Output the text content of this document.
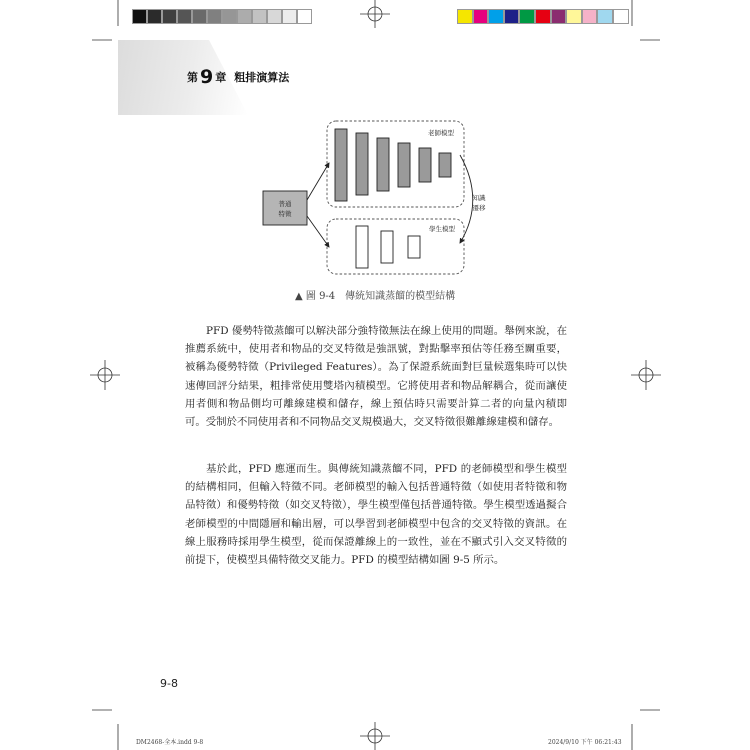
第 9 章 粗排演算法
普通
特徵
老師模型
學生模型
知識
遷移
▲ 圖 9-4　傳統知識蒸餾的模型結構
PFD 優勢特徵蒸餾可以解決部分強特徵無法在線上使用的問題。舉例來說，在推薦系統中，使用者和物品的交叉特徵是強訊號，對點擊率預估等任務至關重要，被稱為優勢特徵（Privileged Features）。為了保證系統面對巨量候選集時可以快速傳回評分結果，粗排常使用雙塔內積模型。它將使用者和物品解耦合，從而讓使用者側和物品側均可離線建模和儲存，線上預估時只需要計算二者的向量內積即可。受制於不同使用者和不同物品交叉規模過大，交叉特徵很難離線建模和儲存。
基於此，PFD 應運而生。與傳統知識蒸餾不同，PFD 的老師模型和學生模型的結構相同，但輸入特徵不同。老師模型的輸入包括普通特徵（如使用者特徵和物品特徵）和優勢特徵（如交叉特徵），學生模型僅包括普通特徵。學生模型透過擬合老師模型的中間隱層和輸出層，可以學習到老師模型中包含的交叉特徵的資訊。在線上服務時採用學生模型，從而保證離線上的一致性，並在不顯式引入交叉特徵的前提下，使模型具備特徵交叉能力。PFD 的模型結構如圖 9-5 所示。
9-8
DM2468-全本.indd 9-8	2024/9/10 下午 06:21:43
